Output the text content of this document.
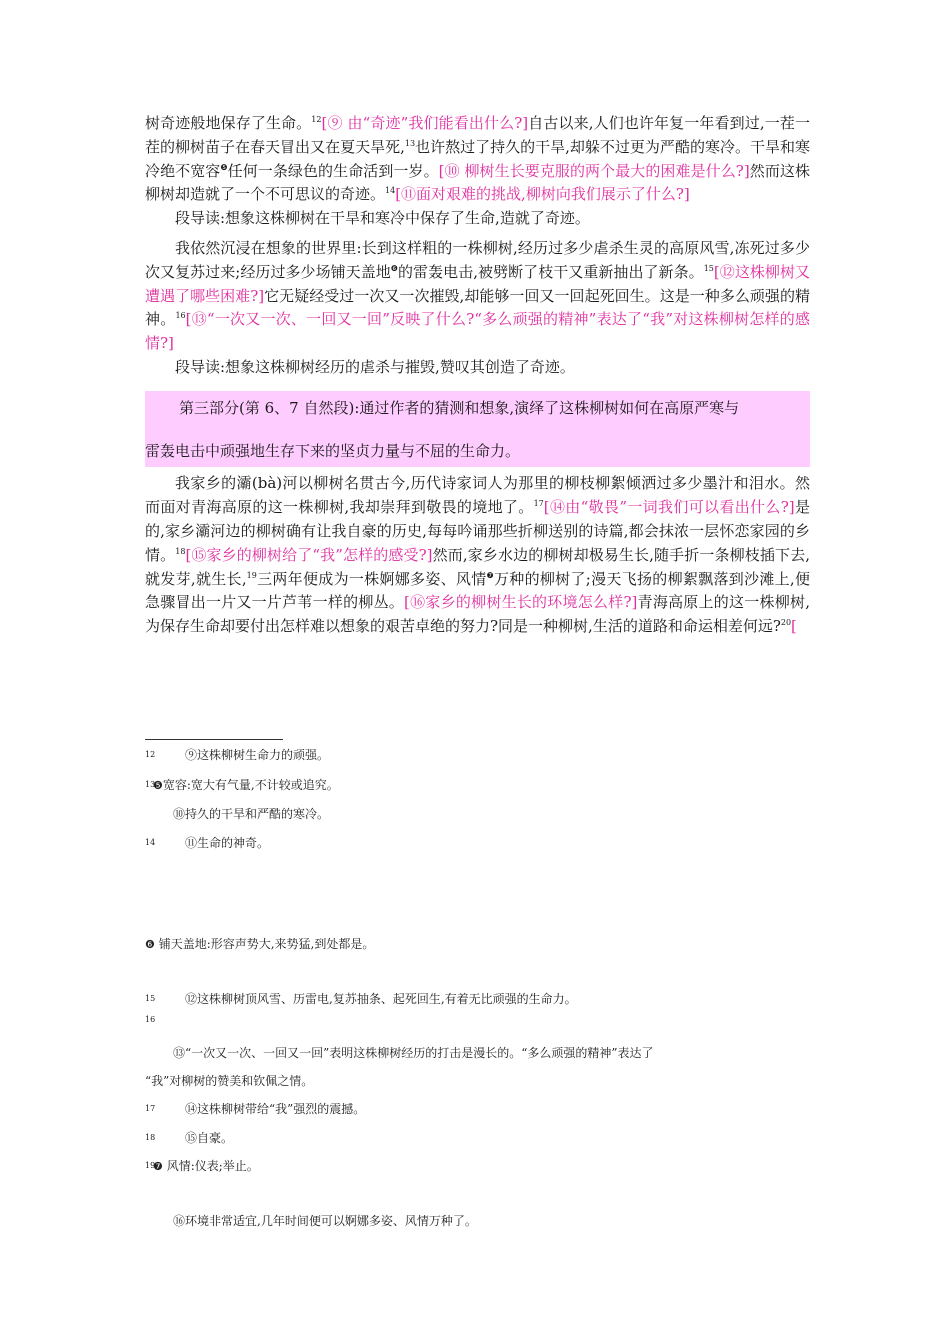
树奇迹般地保存了生命。$^{12}$[⑨ 由“奇迹”我们能看出什么?]自古以来,人们也许年复一年看到过,一茬一茬的柳树苗子在春天冒出又在夏天旱死,$^{13}$也许熬过了持久的干旱,却躲不过更为严酷的寒冷。干旱和寒冷绝不宽容$^❺$任何一条绿色的生命活到一岁。[⑩ 柳树生长要克服的两个最大的困难是什么?]然而这株柳树却造就了一个不可思议的奇迹。$^{14}$[⑪面对艰难的挑战,柳树向我们展示了什么?]

段导读:想象这株柳树在干旱和寒冷中保存了生命,造就了奇迹。

我依然沉浸在想象的世界里:长到这样粗的一株柳树,经历过多少虐杀生灵的高原风雪,冻死过多少次又复苏过来;经历过多少场铺天盖地$^❻$的雷轰电击,被劈断了枝干又重新抽出了新条。$^{15}$[⑫这株柳树又遭遇了哪些困难?]它无疑经受过一次又一次摧毁,却能够一回又一回起死回生。这是一种多么顽强的精神。$^{16}$[⑬“一次又一次、一回又一回”反映了什么?“多么顽强的精神”表达了“我”对这株柳树怎样的感情?]

段导读:想象这株柳树经历的虐杀与摧毁,赞叹其创造了奇迹。

第三部分(第 6、7 自然段):通过作者的猜测和想象,演绎了这株柳树如何在高原严寒与
雷轰电击中顽强地生存下来的坚贞力量与不屈的生命力。

我家乡的灞(bà)河以柳树名贯古今,历代诗家词人为那里的柳枝柳絮倾洒过多少墨汁和泪水。然而面对青海高原的这一株柳树,我却崇拜到敬畏的境地了。$^{17}$[⑭由“敬畏”一词我们可以看出什么?]是的,家乡灞河边的柳树确有让我自豪的历史,每每吟诵那些折柳送别的诗篇,都会抹浓一层怀恋家园的乡情。$^{18}$[⑮家乡的柳树给了“我”怎样的感受?]然而,家乡水边的柳树却极易生长,随手折一条柳枝插下去,就发芽,就生长,$^{19}$三两年便成为一株婀娜多姿、风情$^❼$万种的柳树了;漫天飞扬的柳絮飘落到沙滩上,便急骤冒出一片又一片芦苇一样的柳丛。[⑯家乡的柳树生长的环境怎么样?]青海高原上的这一株柳树,为保存生命却要付出怎样难以想象的艰苦卓绝的努力?同是一种柳树,生活的道路和命运相差何远?$^{20}$[

12 ⑨这株柳树生命力的顽强。
13❺宽容:宽大有气量,不计较或追究。
⑩持久的干旱和严酷的寒冷。
14 ⑪生命的神奇。
❻ 铺天盖地:形容声势大,来势猛,到处都是。
15 ⑫这株柳树顶风雪、历雷电,复苏抽条、起死回生,有着无比顽强的生命力。
16
⑬“一次又一次、一回又一回”表明这株柳树经历的打击是漫长的。“多么顽强的精神”表达了
“我”对柳树的赞美和钦佩之情。
17 ⑭这株柳树带给“我”强烈的震撼。
18 ⑮自豪。
19❼ 风情:仪表;举止。
⑯环境非常适宜,几年时间便可以婀娜多姿、风情万种了。
